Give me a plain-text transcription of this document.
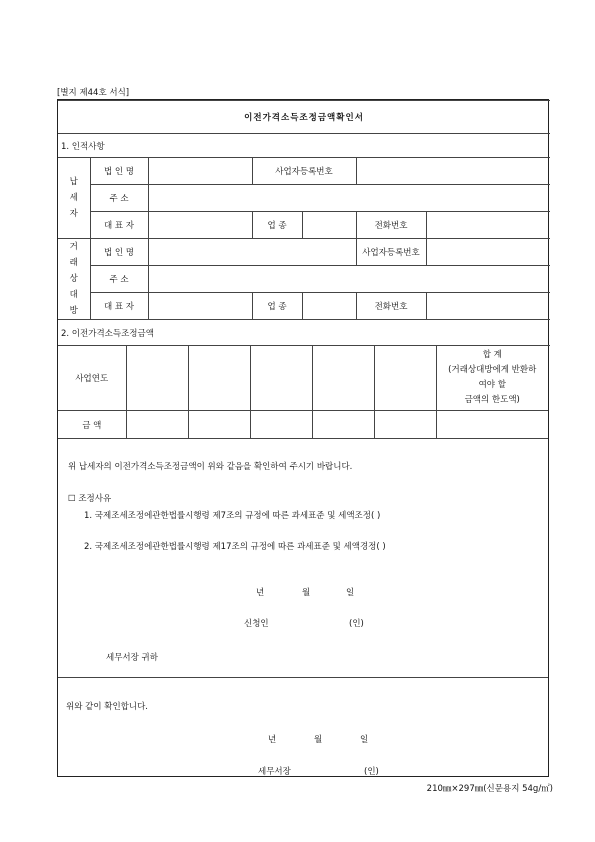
[별지 제44호 서식]
이전가격소득조정금액확인서						
1. 인적사항						

납
세
자	법 인 명		사업자등록번호			
	주 소					
	대 표 자		업 종		전화번호	

거
래
상
대
방	법 인 명				사업자등록번호	
	주 소					
	대 표 자		업 종		전화번호	
2. 이전가격소득조정금액						
사업연도						합 계
(거래상대방에게 반환하
여야 할
금액의 한도액)

금 액						
위 납세자의 이전가격소득조정금액이 위와 같음을 확인하여 주시기 바랍니다.
☐ 조정사유
1. 국제조세조정에관한법률시행령 제7조의 규정에 따른 과세표준 및 세액조정( )
2. 국제조세조정에관한법률시행령 제17조의 규정에 따른 과세표준 및 세액경정( )
년	월	일
신청인	(인)
세무서장 귀하
위와 같이 확인합니다.
년	월	일
세무서장	(인)
210㎜×297㎜(신문용지 54g/㎡)
